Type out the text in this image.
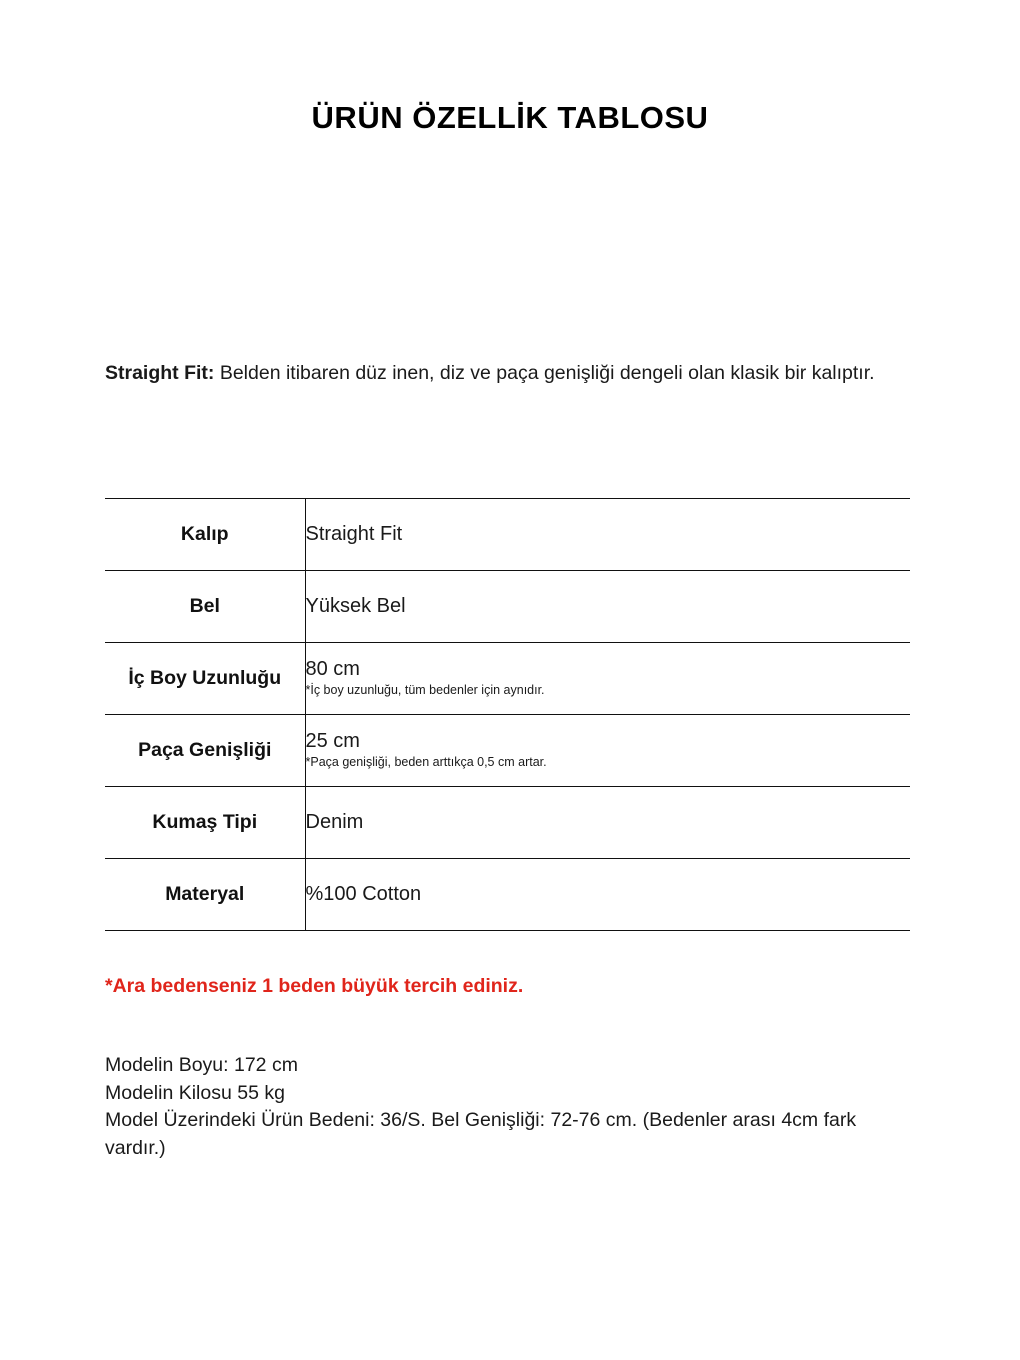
ÜRÜN ÖZELLİK TABLOSU

Straight Fit: Belden itibaren düz inen, diz ve paça genişliği dengeli olan klasik bir kalıptır.

Kalıp	Straight Fit

Bel	Yüksek Bel

İç Boy Uzunluğu	80 cm
*İç boy uzunluğu, tüm bedenler için aynıdır.

Paça Genişliği	25 cm
*Paça genişliği, beden arttıkça 0,5 cm artar.

Kumaş Tipi	Denim

Materyal	%100 Cotton
*Ara bedenseniz 1 beden büyük tercih ediniz.
Modelin Boyu: 172 cm
Modelin Kilosu 55 kg
Model Üzerindeki Ürün Bedeni: 36/S. Bel Genişliği: 72-76 cm. (Bedenler arası 4cm fark vardır.)
